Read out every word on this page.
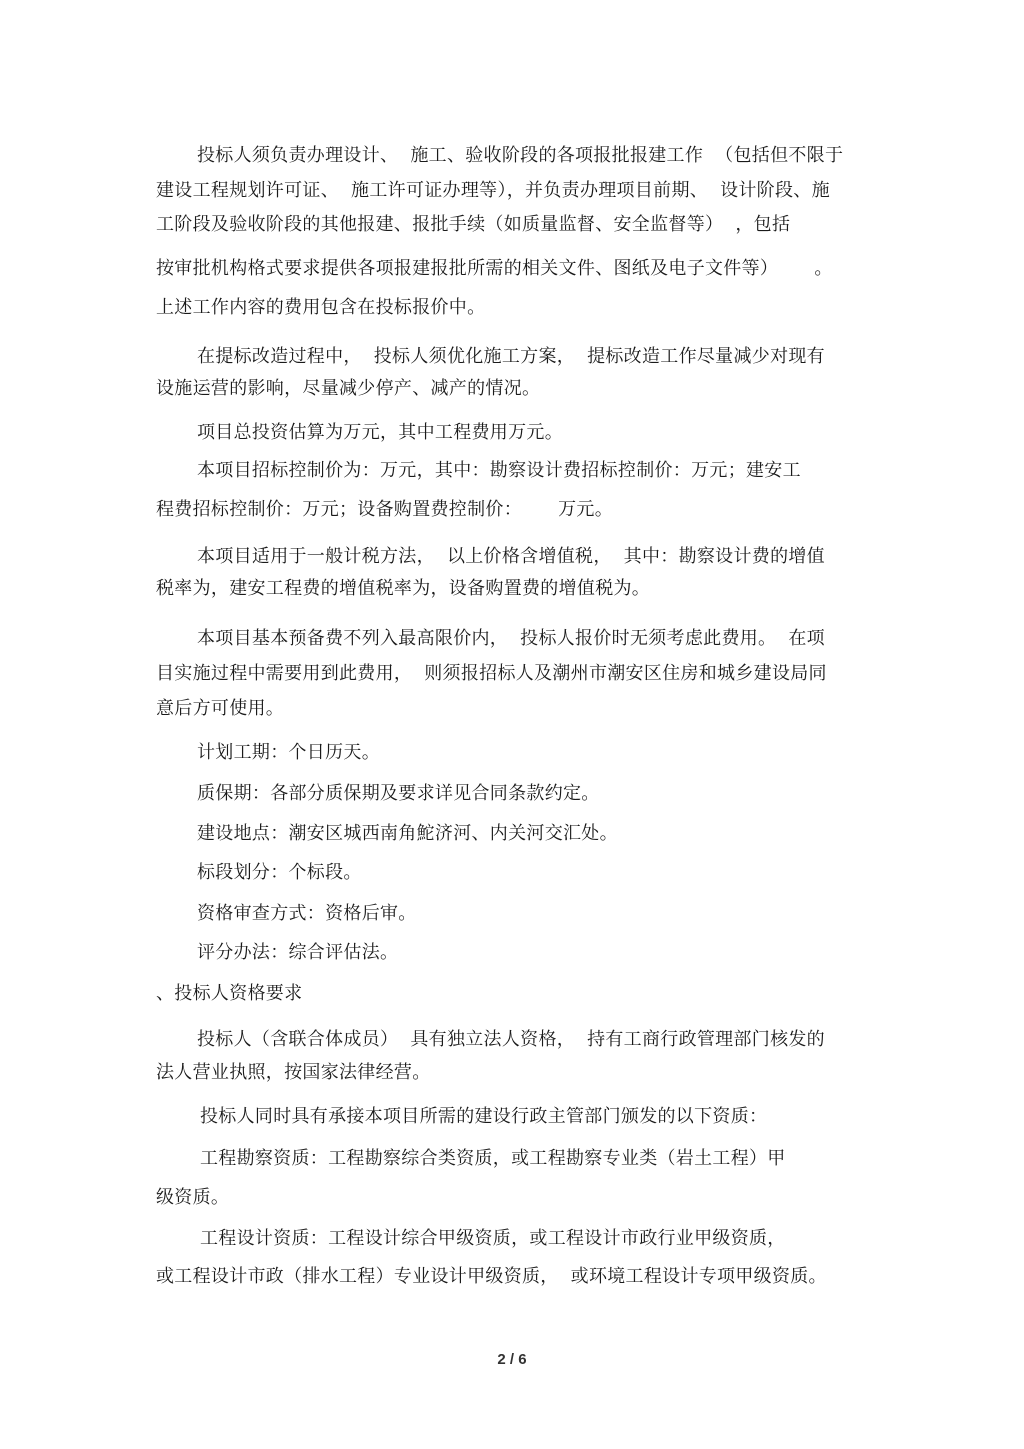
投标人须负责办理设计、  施工、验收阶段的各项报批报建工作  （包括但不限于
建设工程规划许可证、  施工许可证办理等），并负责办理项目前期、  设计阶段、施
工阶段及验收阶段的其他报建、报批手续（如质量监督、安全监督等）  ，包括
按审批机构格式要求提供各项报建报批所需的相关文件、图纸及电子文件等）      。
上述工作内容的费用包含在投标报价中。
在提标改造过程中，  投标人须优化施工方案，  提标改造工作尽量减少对现有
设施运营的影响，尽量减少停产、减产的情况。
项目总投资估算为万元，其中工程费用万元。
本项目招标控制价为：万元，其中：勘察设计费招标控制价：万元；建安工
程费招标控制价：万元；设备购置费控制价：      万元。
本项目适用于一般计税方法，  以上价格含增值税，  其中：勘察设计费的增值
税率为，建安工程费的增值税率为，设备购置费的增值税为。
本项目基本预备费不列入最高限价内，  投标人报价时无须考虑此费用。  在项
目实施过程中需要用到此费用，  则须报招标人及潮州市潮安区住房和城乡建设局同
意后方可使用。
计划工期：个日历天。
质保期：各部分质保期及要求详见合同条款约定。
建设地点：潮安区城西南角鮀济河、内关河交汇处。
标段划分：个标段。
资格审查方式：资格后审。
评分办法：综合评估法。
、投标人资格要求
投标人（含联合体成员）  具有独立法人资格，  持有工商行政管理部门核发的
法人营业执照，按国家法律经营。
投标人同时具有承接本项目所需的建设行政主管部门颁发的以下资质：
工程勘察资质：工程勘察综合类资质，或工程勘察专业类（岩土工程）甲
级资质。
工程设计资质：工程设计综合甲级资质，或工程设计市政行业甲级资质，
或工程设计市政（排水工程）专业设计甲级资质，  或环境工程设计专项甲级资质。
2 / 6
